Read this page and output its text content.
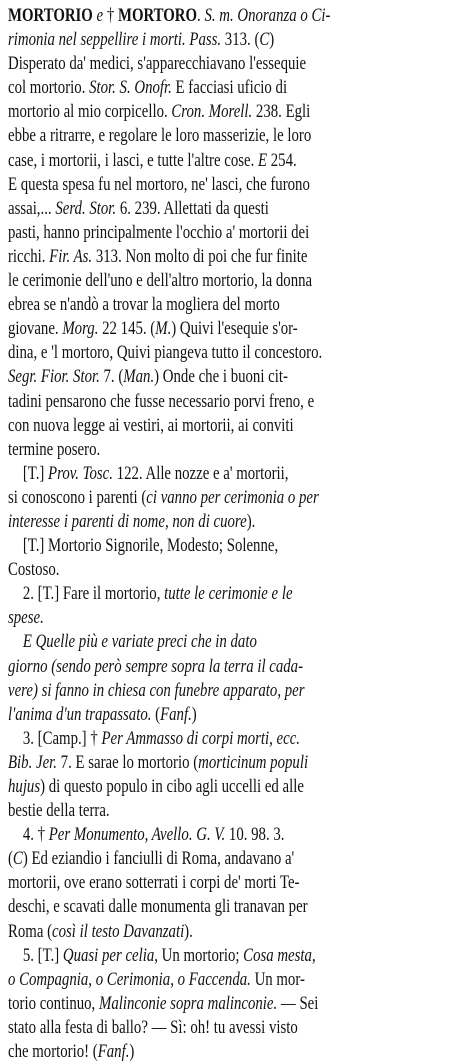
MORTORIO e † MORTORO. S. m. Onoranza o Ci-
rimonia nel seppellire i morti. Pass. 313. (C)
Disperato da' medici, s'apparecchiavano l'essequie
col mortorio. Stor. S. Onofr. E facciasi uficio di
mortorio al mio corpicello. Cron. Morell. 238. Egli
ebbe a ritrarre, e regolare le loro masserizie, le loro
case, i mortorii, i lasci, e tutte l'altre cose. E 254.
E questa spesa fu nel mortoro, ne' lasci, che furono
assai,... Serd. Stor. 6. 239. Allettati da questi
pasti, hanno principalmente l'occhio a' mortorii dei
ricchi. Fir. As. 313. Non molto di poi che fur finite
le cerimonie dell'uno e dell'altro mortorio, la donna
ebrea se n'andò a trovar la mogliera del morto
giovane. Morg. 22 145. (M.) Quivi l'esequie s'or-
dina, e 'l mortoro, Quivi piangeva tutto il concestoro.
Segr. Fior. Stor. 7. (Man.) Onde che i buoni cit-
tadini pensarono che fusse necessario porvi freno, e
con nuova legge ai vestiri, ai mortorii, ai conviti
termine posero.
[T.] Prov. Tosc. 122. Alle nozze e a' mortorii,
si conoscono i parenti (ci vanno per cerimonia o per
interesse i parenti di nome, non di cuore).
[T.] Mortorio Signorile, Modesto; Solenne,
Costoso.
2. [T.] Fare il mortorio, tutte le cerimonie e le
spese.
E Quelle più e variate preci che in dato
giorno (sendo però sempre sopra la terra il cada-
vere) si fanno in chiesa con funebre apparato, per
l'anima d'un trapassato. (Fanf.)
3. [Camp.] † Per Ammasso di corpi morti, ecc.
Bib. Jer. 7. E sarae lo mortorio (morticinum populi
hujus) di questo populo in cibo agli uccelli ed alle
bestie della terra.
4. † Per Monumento, Avello. G. V. 10. 98. 3.
(C) Ed eziandio i fanciulli di Roma, andavano a'
mortorii, ove erano sotterrati i corpi de' morti Te-
deschi, e scavati dalle monumenta gli tranavan per
Roma (così il testo Davanzati).
5. [T.] Quasi per celia, Un mortorio; Cosa mesta,
o Compagnia, o Cerimonia, o Faccenda. Un mor-
torio continuo, Malinconie sopra malinconie. — Sei
stato alla festa di ballo? — Sì: oh! tu avessi visto
che mortorio! (Fanf.)
